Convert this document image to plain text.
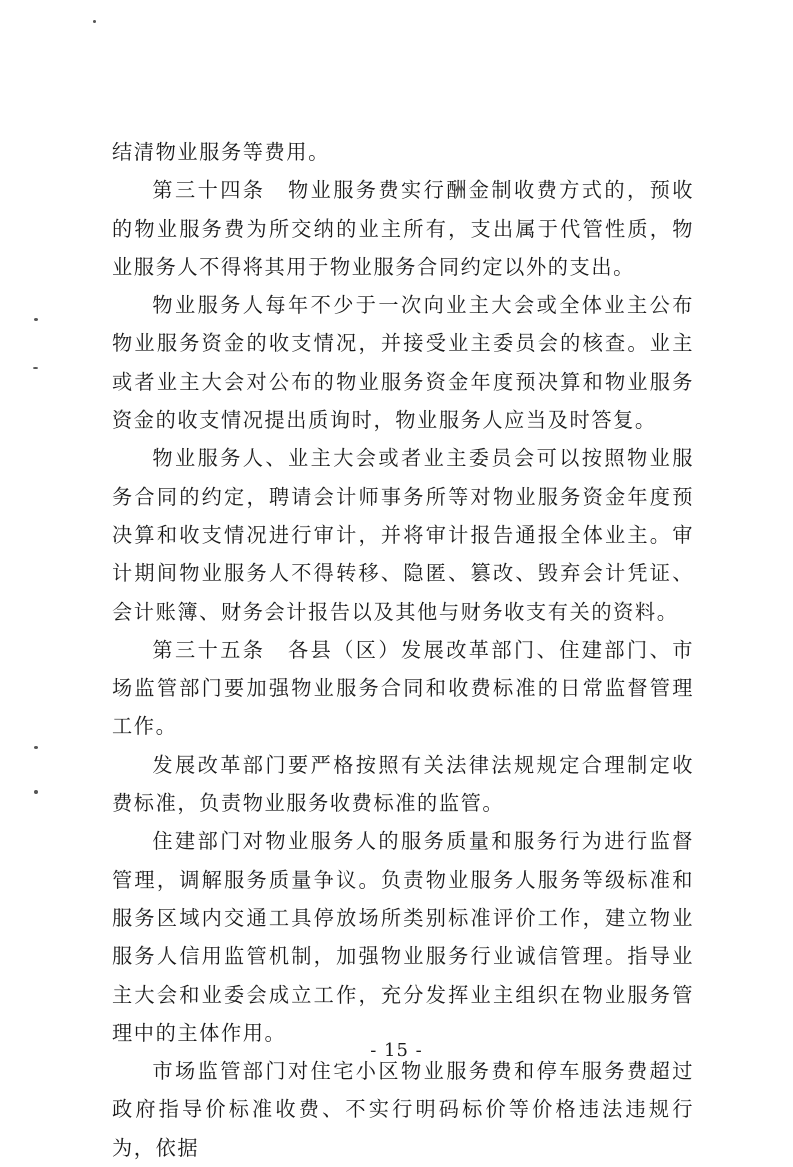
结清物业服务等费用。

第三十四条　物业服务费实行酬金制收费方式的，预收的物业服务费为所交纳的业主所有，支出属于代管性质，物业服务人不得将其用于物业服务合同约定以外的支出。

物业服务人每年不少于一次向业主大会或全体业主公布物业服务资金的收支情况，并接受业主委员会的核查。业主或者业主大会对公布的物业服务资金年度预决算和物业服务资金的收支情况提出质询时，物业服务人应当及时答复。

物业服务人、业主大会或者业主委员会可以按照物业服务合同的约定，聘请会计师事务所等对物业服务资金年度预决算和收支情况进行审计，并将审计报告通报全体业主。审计期间物业服务人不得转移、隐匿、篡改、毁弃会计凭证、会计账簿、财务会计报告以及其他与财务收支有关的资料。

第三十五条　各县（区）发展改革部门、住建部门、市场监管部门要加强物业服务合同和收费标准的日常监督管理工作。

发展改革部门要严格按照有关法律法规规定合理制定收费标准，负责物业服务收费标准的监管。

住建部门对物业服务人的服务质量和服务行为进行监督管理，调解服务质量争议。负责物业服务人服务等级标准和服务区域内交通工具停放场所类别标准评价工作，建立物业服务人信用监管机制，加强物业服务行业诚信管理。指导业主大会和业委会成立工作，充分发挥业主组织在物业服务管理中的主体作用。

市场监管部门对住宅小区物业服务费和停车服务费超过政府指导价标准收费、不实行明码标价等价格违法违规行为，依据

- 15 -
